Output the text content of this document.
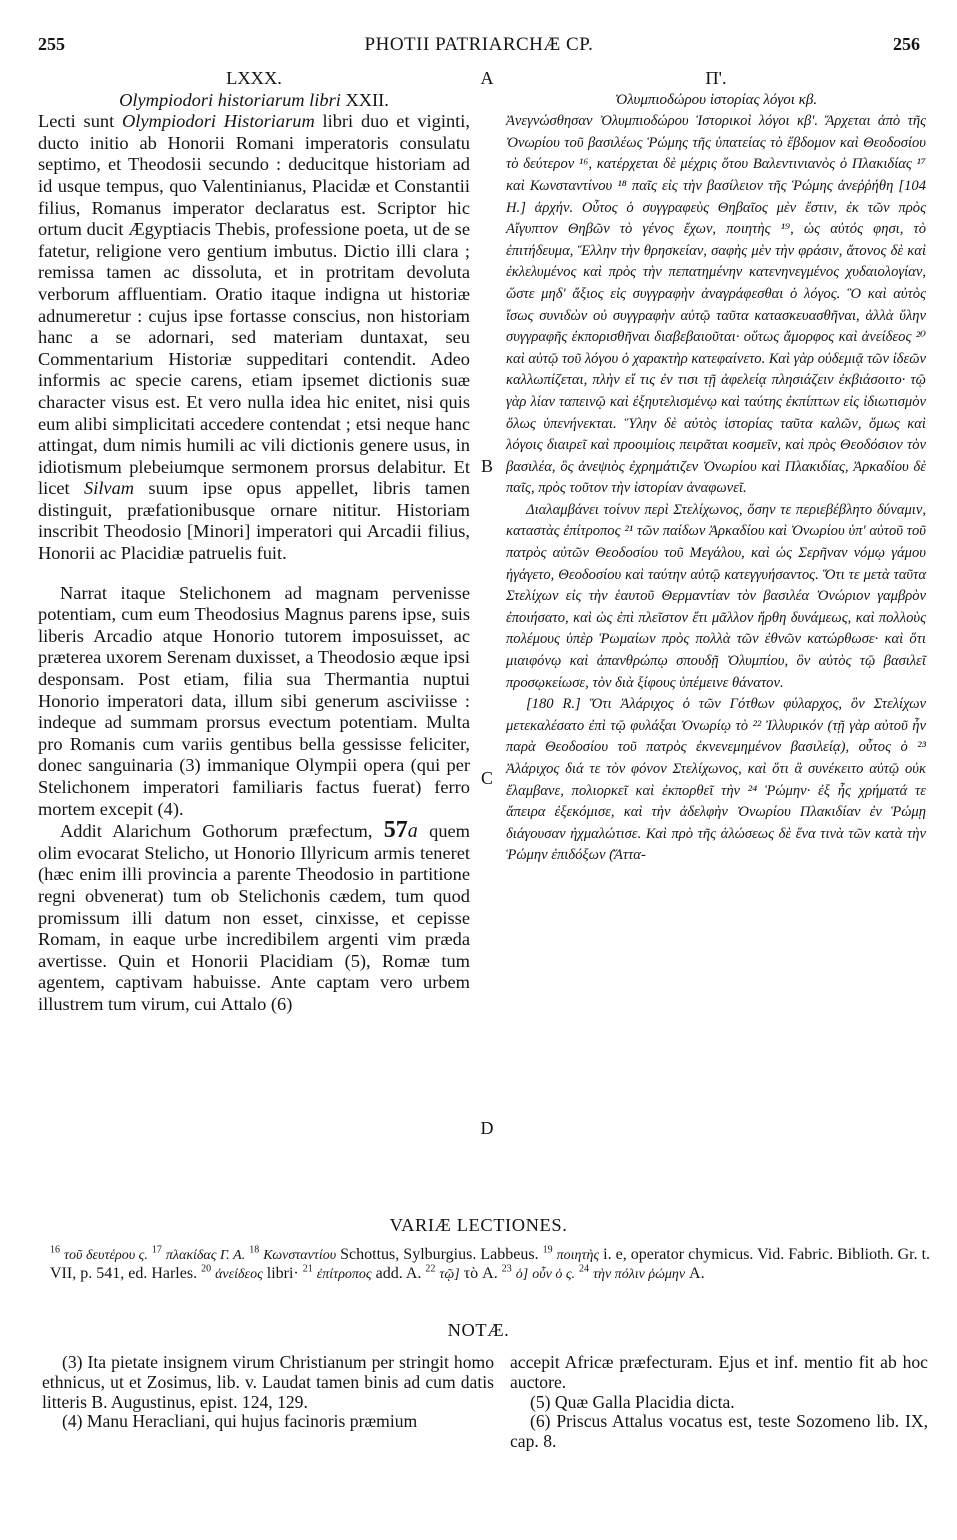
255	PHOTII PATRIARCHÆ CP.	256
LXXX.
Olympiodori historiarum libri XXII.

Lecti sunt Olympiodori Historiarum libri duo et viginti, ducto initio ab Honorii Romani imperatoris consulatu septimo, et Theodosii secundo : deducitque historiam ad id usque tempus, quo Valentinianus, Placidæ et Constantii filius, Romanus imperator declaratus est. Scriptor hic ortum ducit Ægyptiacis Thebis, professione poeta, ut de se fatetur, religione vero gentium imbutus. Dictio illi clara ; remissa tamen ac dissoluta, et in protritam devoluta verborum affluentiam. Oratio itaque indigna ut historiæ adnumeretur : cujus ipse fortasse conscius, non historiam hanc a se adornari, sed materiam duntaxat, seu Commentarium Historiæ suppeditari contendit. Adeo informis ac specie carens, etiam ipsemet dictionis suæ character visus est. Et vero nulla idea hic enitet, nisi quis eum alibi simplicitati accedere contendat ; etsi neque hanc attingat, dum nimis humili ac vili dictionis genere usus, in idiotismum plebeiumque sermonem prorsus delabitur. Et licet Silvam suum ipse opus appellet, libris tamen distinguit, præfationibusque ornare nititur. Historiam inscribit Theodosio [Minori] imperatori qui Arcadii filius, Honorii ac Placidiæ patruelis fuit.

Narrat itaque Stelichonem ad magnam pervenisse potentiam, cum eum Theodosius Magnus parens ipse, suis liberis Arcadio atque Honorio tutorem imposuisset, ac præterea uxorem Serenam duxisset, a Theodosio æque ipsi desponsam. Post etiam, filia sua Thermantia nuptui Honorio imperatori data, illum sibi generum asciviisse : indeque ad summam prorsus evectum potentiam. Multa pro Romanis cum variis gentibus bella gessisse feliciter, donec sanguinaria (3) immanique Olympii opera (qui per Stelichonem imperatori familiaris factus fuerat) ferro mortem excepit (4).

Addit Alarichum Gothorum præfectum, 57a quem olim evocarat Stelicho, ut Honorio Illyricum armis teneret (hæc enim illi provincia a parente Theodosio in partitione regni obvenerat) tum ob Stelichonis cædem, tum quod promissum illi datum non esset, cinxisse, et cepisse Romam, in eaque urbe incredibilem argenti vim præda avertisse. Quin et Honorii Placidiam (5), Romæ tum agentem, captivam habuisse. Ante captam vero urbem illustrem tum virum, cui Attalo (6)

A
B
C
D
Π'.
Ὀλυμπιοδώρου ἱστορίας λόγοι κβ.

Ἀνεγνώσθησαν Ὀλυμπιοδώρου Ἱστορικοὶ λόγοι κβ'. Ἄρχεται ἀπὸ τῆς Ὀνωρίου τοῦ βασιλέως Ῥώμης τῆς ὑπατείας τὸ ἕβδομον καὶ Θεοδοσίου τὸ δεύτερον ¹⁶, κατέρχεται δὲ μέχρις ὅτου Βαλεντινιανὸς ὁ Πλακιδίας ¹⁷ καὶ Κωνσταντίνου ¹⁸ παῖς εἰς τὴν βασίλειον τῆς Ῥώμης ἀνεῤῥήθη [104 H.] ἀρχήν. Οὗτος ὁ συγγραφεὺς Θηβαῖος μὲν ἔστιν, ἐκ τῶν πρὸς Αἴγυπτον Θηβῶν τὸ γένος ἔχων, ποιητὴς ¹⁹, ὡς αὐτός φησι, τὸ ἐπιτήδευμα, Ἕλλην τὴν θρησκείαν, σαφὴς μὲν τὴν φράσιν, ἄτονος δὲ καὶ ἐκλελυμένος καὶ πρὸς τὴν πεπατημένην κατενηνεγμένος χυδαιολογίαν, ὥστε μηδ' ἄξιος εἰς συγγραφὴν ἀναγράφεσθαι ὁ λόγος. Ὃ καὶ αὐτὸς ἴσως συνιδὼν οὐ συγγραφὴν αὐτῷ ταῦτα κατασκευασθῆναι, ἀλλὰ ὕλην συγγραφῆς ἐκπορισθῆναι διαβεβαιοῦται· οὕτως ἄμορφος καὶ ἀνείδεος ²⁰ καὶ αὐτῷ τοῦ λόγου ὁ χαρακτὴρ κατεφαίνετο. Καὶ γὰρ οὐδεμιᾷ τῶν ἰδεῶν καλλωπίζεται, πλὴν εἴ τις ἐν τισι τῇ ἀφελείᾳ πλησιάζειν ἐκβιάσοιτο· τῷ γὰρ λίαν ταπεινῷ καὶ ἐξηυτελισμένῳ καὶ ταύτης ἐκπίπτων εἰς ἰδιωτισμὸν ὅλως ὑπενήνεκται. Ὕλην δὲ αὐτὸς ἱστορίας ταῦτα καλῶν, ὅμως καὶ λόγοις διαιρεῖ καὶ προοιμίοις πειρᾶται κοσμεῖν, καὶ πρὸς Θεοδόσιον τὸν βασιλέα, ὃς ἀνεψιὸς ἐχρημάτιζεν Ὀνωρίου καὶ Πλακιδίας, Ἀρκαδίου δὲ παῖς, πρὸς τοῦτον τὴν ἱστορίαν ἀναφωνεῖ.

Διαλαμβάνει τοίνυν περὶ Στελίχωνος, ὅσην τε περιεβέβλητο δύναμιν, καταστὰς ἐπίτροπος ²¹ τῶν παίδων Ἀρκαδίου καὶ Ὀνωρίου ὑπ' αὐτοῦ τοῦ πατρὸς αὐτῶν Θεοδοσίου τοῦ Μεγάλου, καὶ ὡς Σερῆναν νόμῳ γάμου ἠγάγετο, Θεοδοσίου καὶ ταύτην αὐτῷ κατεγγυήσαντος. Ὅτι τε μετὰ ταῦτα Στελίχων εἰς τὴν ἑαυτοῦ Θερμαντίαν τὸν βασιλέα Ὀνώριον γαμβρὸν ἐποιήσατο, καὶ ὡς ἐπὶ πλεῖστον ἔτι μᾶλλον ἤρθη δυνάμεως, καὶ πολλοὺς πολέμους ὑπὲρ Ῥωμαίων πρὸς πολλὰ τῶν ἐθνῶν κατώρθωσε· καὶ ὅτι μιαιφόνῳ καὶ ἀπανθρώπῳ σπουδῇ Ὀλυμπίου, ὃν αὐτὸς τῷ βασιλεῖ προσῳκείωσε, τὸν διὰ ξίφους ὑπέμεινε θάνατον.

[180 R.] Ὅτι Ἀλάριχος ὁ τῶν Γότθων φύλαρχος, ὃν Στελίχων μετεκαλέσατο ἐπὶ τῷ φυλάξαι Ὀνωρίῳ τὸ ²² Ἰλλυρικόν (τῇ γὰρ αὐτοῦ ἦν παρὰ Θεοδοσίου τοῦ πατρὸς ἐκνενεμημένον βασιλείᾳ), οὗτος ὁ ²³ Ἀλάριχος διά τε τὸν φόνον Στελίχωνος, καὶ ὅτι ἃ συνέκειτο αὐτῷ οὐκ ἔλαμβανε, πολιορκεῖ καὶ ἐκπορθεῖ τὴν ²⁴ Ῥώμην· ἐξ ἧς χρήματά τε ἄπειρα ἐξεκόμισε, καὶ τὴν ἀδελφὴν Ὀνωρίου Πλακιδίαν ἐν Ῥώμῃ διάγουσαν ἠχμαλώτισε. Καὶ πρὸ τῆς ἁλώσεως δὲ ἕνα τινὰ τῶν κατὰ τὴν Ῥώμην ἐπιδόξων (Ἄττα-

VARIÆ LECTIONES.
$^{16}$ τοῦ δευτέρου ς. $^{17}$ πλακίδας Γ. A. $^{18}$ Κωνσταντίου Schottus, Sylburgius. Labbeus. $^{19}$ ποιητὴς i. e, operator chymicus. Vid. Fabric. Biblioth. Gr. t. VII, p. 541, ed. Harles. $^{20}$ ἀνείδεος libri· $^{21}$ ἐπίτροπος add. A. $^{22}$ τῷ] τὸ A. $^{23}$ ὁ] οὖν ὁ ς. $^{24}$ τὴν πόλιν ῥώμην A.
NOTÆ.

(3) Ita pietate insignem virum Christianum per stringit homo ethnicus, ut et Zosimus, lib. v. Laudat tamen binis ad cum datis litteris B. Augustinus, epist. 124, 129.

(4) Manu Heracliani, qui hujus facinoris præmium

accepit Africæ præfecturam. Ejus et inf. mentio fit ab hoc auctore.

(5) Quæ Galla Placidia dicta.

(6) Priscus Attalus vocatus est, teste Sozomeno lib. IX, cap. 8.
